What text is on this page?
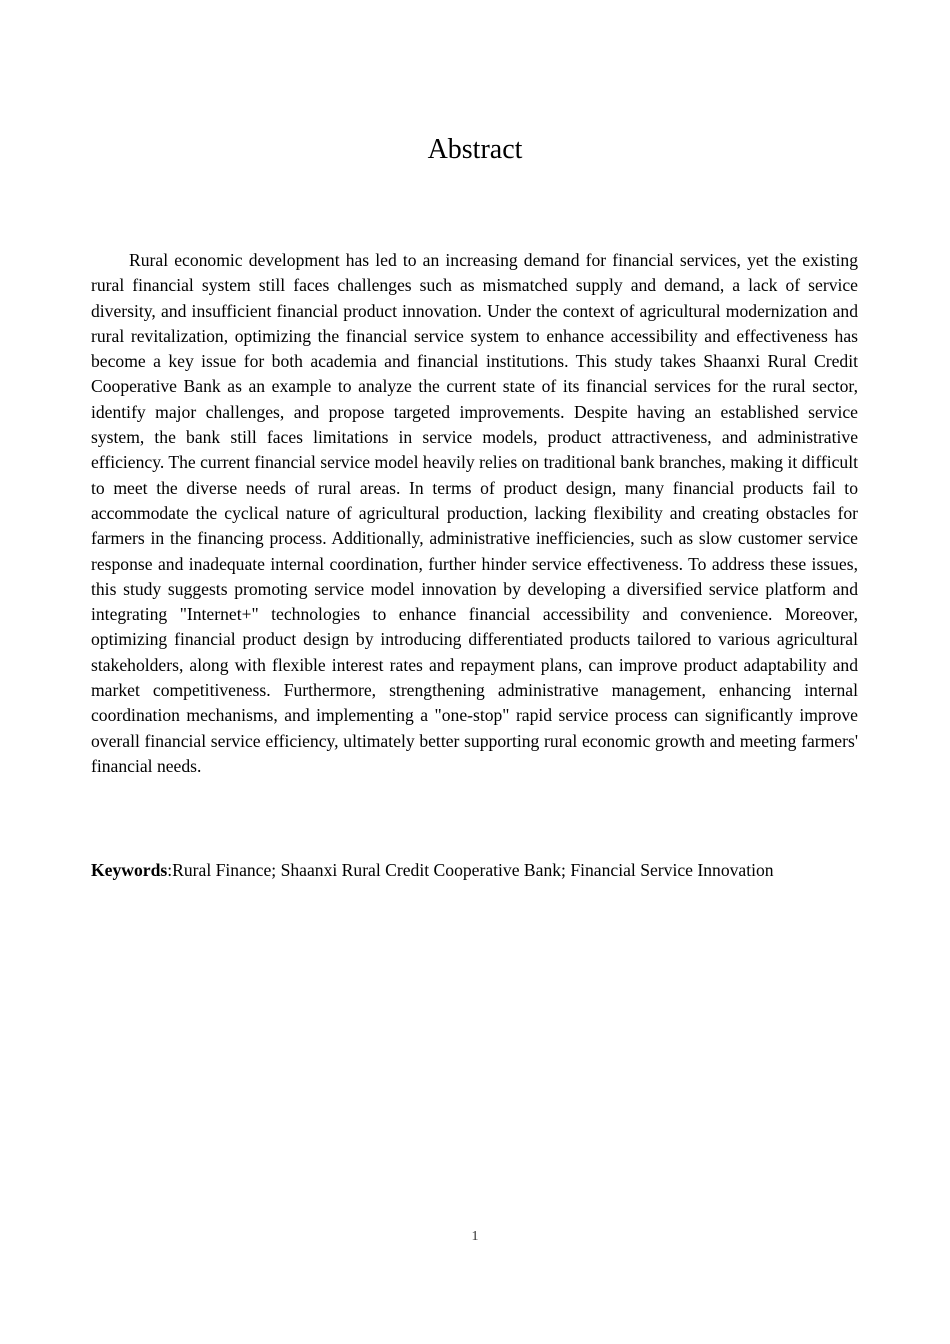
Abstract

Rural economic development has led to an increasing demand for financial services, yet the existing rural financial system still faces challenges such as mismatched supply and demand, a lack of service diversity, and insufficient financial product innovation. Under the context of agricultural modernization and rural revitalization, optimizing the financial service system to enhance accessibility and effectiveness has become a key issue for both academia and financial institutions. This study takes Shaanxi Rural Credit Cooperative Bank as an example to analyze the current state of its financial services for the rural sector, identify major challenges, and propose targeted improvements. Despite having an established service system, the bank still faces limitations in service models, product attractiveness, and administrative efficiency. The current financial service model heavily relies on traditional bank branches, making it difficult to meet the diverse needs of rural areas. In terms of product design, many financial products fail to accommodate the cyclical nature of agricultural production, lacking flexibility and creating obstacles for farmers in the financing process. Additionally, administrative inefficiencies, such as slow customer service response and inadequate internal coordination, further hinder service effectiveness. To address these issues, this study suggests promoting service model innovation by developing a diversified service platform and integrating "Internet+" technologies to enhance financial accessibility and convenience. Moreover, optimizing financial product design by introducing differentiated products tailored to various agricultural stakeholders, along with flexible interest rates and repayment plans, can improve product adaptability and market competitiveness. Furthermore, strengthening administrative management, enhancing internal coordination mechanisms, and implementing a "one-stop" rapid service process can significantly improve overall financial service efficiency, ultimately better supporting rural economic growth and meeting farmers' financial needs.

Keywords:Rural Finance; Shaanxi Rural Credit Cooperative Bank; Financial Service Innovation

1
